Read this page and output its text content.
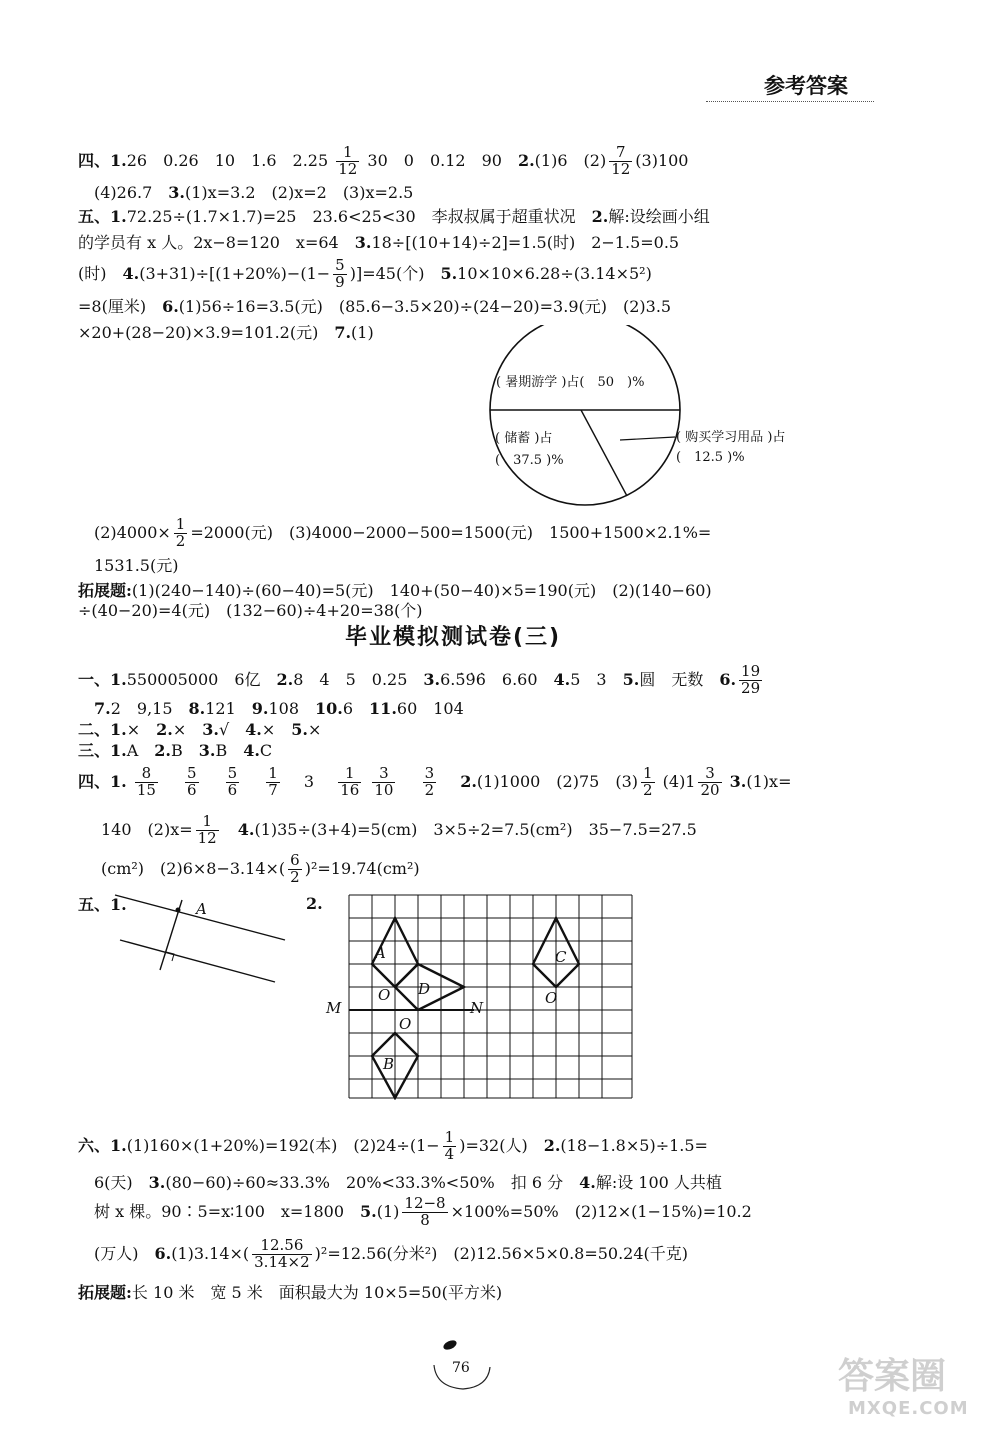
参考答案
四、1.26　0.26　10　1.6　$2.25 \frac{1}{12} 30$　0　0.12　90　 2.(1)6　$(2) \frac{7}{12} (3)100$
(4)26.7　3.(1)x=3.2　(2)x=2　(3)x=2.5
五、1.72.25÷(1.7×1.7)=25　23.6<25<30　李叔叔属于超重状况　2.解:设绘画小组
的学员有 x 人。2x−8=120　x=64　3.18÷[(10+14)÷2]=1.5(时)　2−1.5=0.5
(时)　$4.(3+31)\div[(1+20\%)-(1- \frac{5}{9} )]=45$(个)　5.10×10×6.28÷(3.14×5²)
=8(厘米)　6.(1)56÷16=3.5(元)　(85.6−3.5×20)÷(24−20)=3.9(元)　(2)3.5
×20+(28−20)×3.9=101.2(元)　7.(1)
( 暑期游学 )占(　50　)%
( 储蓄 )占
(　37.5 )%
( 购买学习用品 )占
(　12.5 )%
$(2)4000\times \frac{1}{2} =2000$(元)　(3)4000−2000−500=1500(元)　1500+1500×2.1%=
1531.5(元)
拓展题:(1)(240−140)÷(60−40)=5(元)　140+(50−40)×5=190(元)　(2)(140−60)
÷(40−20)=4(元)　(132−60)÷4+20=38(个)
毕业模拟测试卷(三)
一、1.550005000　6亿　2.8　4　5　0.25　3.6.5̇9̇6̇　6.60　4.5　3　5.圆　无数　6. $\frac{19}{29}$
7.2　9,15　8.121　9.108　10.6　11.60　104
二、1.×　2.×　3.√　4.×　5.×
三、1.A　2.B　3.B　4.C
四、1. $\frac{8}{15}$
　 $\frac{5}{6}$
　 $\frac{5}{6}$
　 $\frac{1}{7}$
　 3　 $\frac{1}{16}$
$\frac{3}{10}$
　 $\frac{3}{2}$
　 2.(1)1000　(2)75　$(3) \frac{1}{2} (4)1 \frac{3}{20} 3.(1)x=$
140　$(2)x= \frac{1}{12}$
　 4.(1)35÷(3+4)=5(cm)　3×5÷2=7.5(cm²)　35−7.5=27.5
(cm²)　$(2)6\times 8-3.14\times( \frac{6}{2} )^2=19.74(cm^2)$
五、1.	2.
A
A
O D
N
M
O
B
C
O
六、1.(1)160×(1+20%)=192(本)　$(2)24\div(1- \frac{1}{4} )=32$(人)　2.(18−1.8×5)÷1.5=
6(天)　3.(80−60)÷60≈33.3%　20%<33.3%<50%　扣 6 分　4.解:设 100 人共植
树 x 棵。90∶5=x∶100　x=1800　$5.(1) \frac{12-8}{8} \times 100\%=50\%$　(2)12×(1−15%)=10.2
(万人)　$6.(1)3.14\times( \frac{12.56}{3.14\times 2} )^2=12.56$(分米²)　(2)12.56×5×0.8=50.24(千克)
拓展题:长 10 米　宽 5 米　面积最大为 10×5=50(平方米)
76	答案圈
MXQE.COM
